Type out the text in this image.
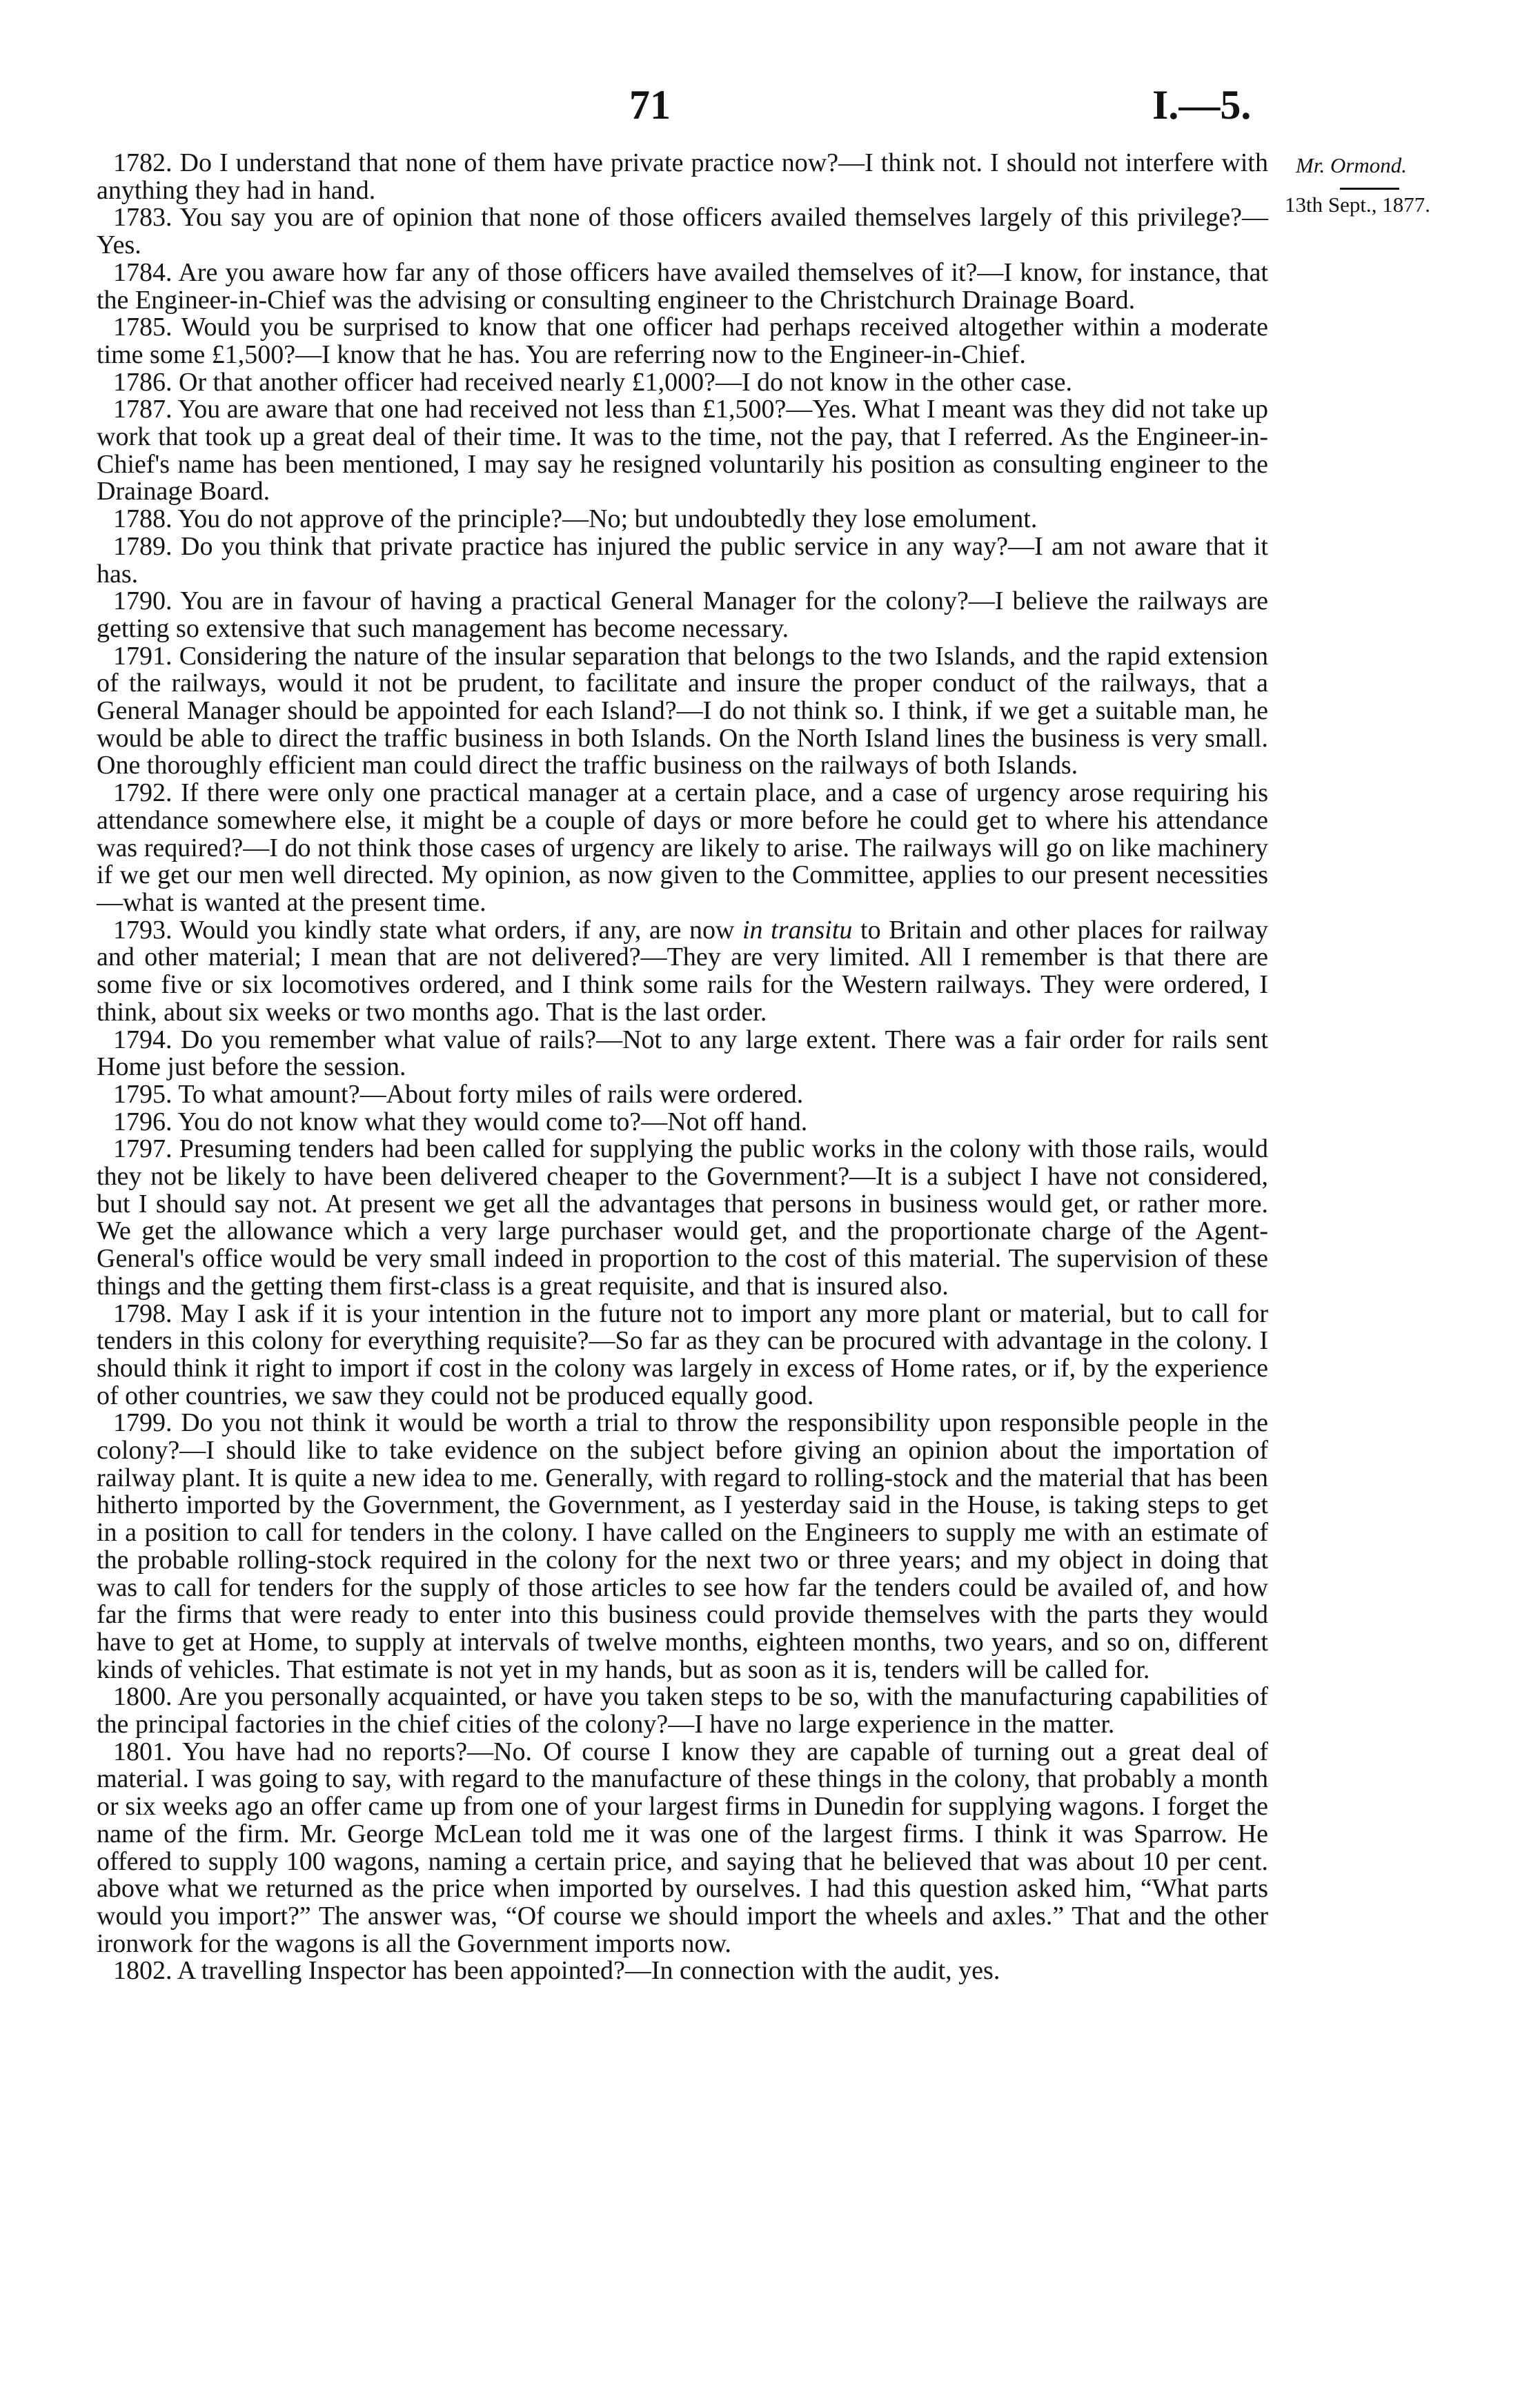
71	I.—5.
Mr. Ormond.
13th Sept., 1877.

1782. Do I understand that none of them have private practice now?—I think not. I should not interfere with anything they had in hand.

1783. You say you are of opinion that none of those officers availed themselves largely of this privilege?—Yes.

1784. Are you aware how far any of those officers have availed themselves of it?—I know, for instance, that the Engineer-in-Chief was the advising or consulting engineer to the Christchurch Drainage Board.

1785. Would you be surprised to know that one officer had perhaps received altogether within a moderate time some £1,500?—I know that he has. You are referring now to the Engineer-in-Chief.

1786. Or that another officer had received nearly £1,000?—I do not know in the other case.

1787. You are aware that one had received not less than £1,500?—Yes. What I meant was they did not take up work that took up a great deal of their time. It was to the time, not the pay, that I referred. As the Engineer-in-Chief's name has been mentioned, I may say he resigned voluntarily his position as consulting engineer to the Drainage Board.

1788. You do not approve of the principle?—No; but undoubtedly they lose emolument.

1789. Do you think that private practice has injured the public service in any way?—I am not aware that it has.

1790. You are in favour of having a practical General Manager for the colony?—I believe the railways are getting so extensive that such management has become necessary.

1791. Considering the nature of the insular separation that belongs to the two Islands, and the rapid extension of the railways, would it not be prudent, to facilitate and insure the proper conduct of the railways, that a General Manager should be appointed for each Island?—I do not think so. I think, if we get a suitable man, he would be able to direct the traffic business in both Islands. On the North Island lines the business is very small. One thoroughly efficient man could direct the traffic business on the railways of both Islands.

1792. If there were only one practical manager at a certain place, and a case of urgency arose requiring his attendance somewhere else, it might be a couple of days or more before he could get to where his attendance was required?—I do not think those cases of urgency are likely to arise. The railways will go on like machinery if we get our men well directed. My opinion, as now given to the Committee, applies to our present necessities—what is wanted at the present time.

1793. Would you kindly state what orders, if any, are now in transitu to Britain and other places for railway and other material; I mean that are not delivered?—They are very limited. All I remember is that there are some five or six locomotives ordered, and I think some rails for the Western railways. They were ordered, I think, about six weeks or two months ago. That is the last order.

1794. Do you remember what value of rails?—Not to any large extent. There was a fair order for rails sent Home just before the session.

1795. To what amount?—About forty miles of rails were ordered.

1796. You do not know what they would come to?—Not off hand.

1797. Presuming tenders had been called for supplying the public works in the colony with those rails, would they not be likely to have been delivered cheaper to the Government?—It is a subject I have not considered, but I should say not. At present we get all the advantages that persons in business would get, or rather more. We get the allowance which a very large purchaser would get, and the proportionate charge of the Agent-General's office would be very small indeed in proportion to the cost of this material. The supervision of these things and the getting them first-class is a great requisite, and that is insured also.

1798. May I ask if it is your intention in the future not to import any more plant or material, but to call for tenders in this colony for everything requisite?—So far as they can be procured with advantage in the colony. I should think it right to import if cost in the colony was largely in excess of Home rates, or if, by the experience of other countries, we saw they could not be produced equally good.

1799. Do you not think it would be worth a trial to throw the responsibility upon responsible people in the colony?—I should like to take evidence on the subject before giving an opinion about the importation of railway plant. It is quite a new idea to me. Generally, with regard to rolling-stock and the material that has been hitherto imported by the Government, the Government, as I yesterday said in the House, is taking steps to get in a position to call for tenders in the colony. I have called on the Engineers to supply me with an estimate of the probable rolling-stock required in the colony for the next two or three years; and my object in doing that was to call for tenders for the supply of those articles to see how far the tenders could be availed of, and how far the firms that were ready to enter into this business could provide themselves with the parts they would have to get at Home, to supply at intervals of twelve months, eighteen months, two years, and so on, different kinds of vehicles. That estimate is not yet in my hands, but as soon as it is, tenders will be called for.

1800. Are you personally acquainted, or have you taken steps to be so, with the manufacturing capabilities of the principal factories in the chief cities of the colony?—I have no large experience in the matter.

1801. You have had no reports?—No. Of course I know they are capable of turning out a great deal of material. I was going to say, with regard to the manufacture of these things in the colony, that probably a month or six weeks ago an offer came up from one of your largest firms in Dunedin for supplying wagons. I forget the name of the firm. Mr. George McLean told me it was one of the largest firms. I think it was Sparrow. He offered to supply 100 wagons, naming a certain price, and saying that he believed that was about 10 per cent. above what we returned as the price when imported by ourselves. I had this question asked him, “What parts would you import?” The answer was, “Of course we should import the wheels and axles.” That and the other ironwork for the wagons is all the Government imports now.

1802. A travelling Inspector has been appointed?—In connection with the audit, yes.
